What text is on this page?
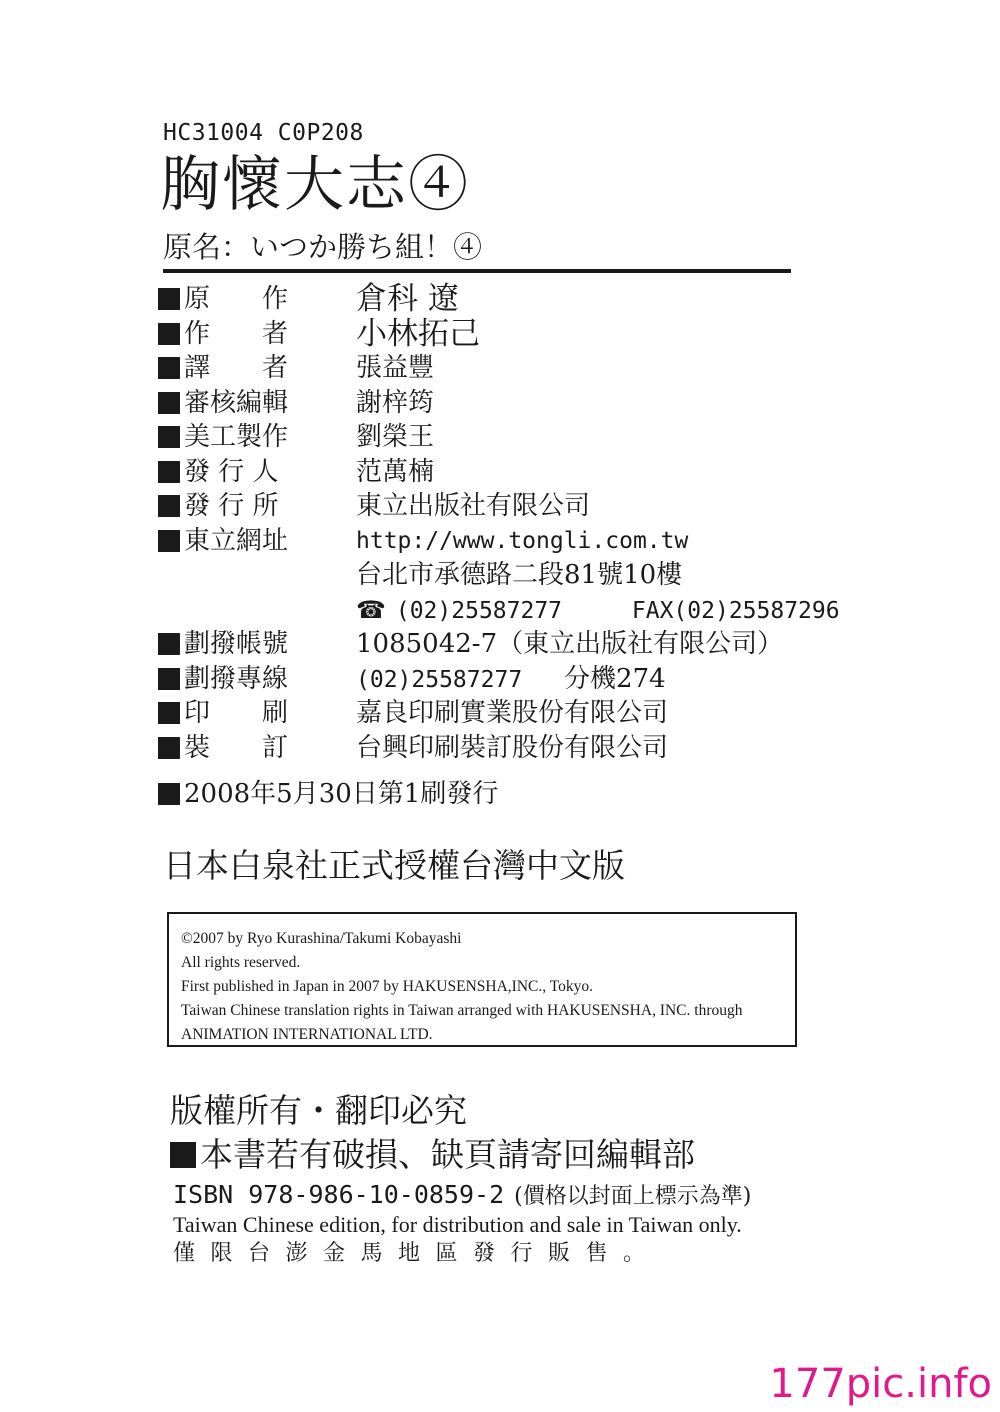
HC31004 C0P208
胸懷大志④
原名：いつか勝ち組！④
原　　作 倉科 遼
作　　者 小林拓己
譯　　者	張益豐
審核編輯	謝梓筠
美工製作	劉榮王
發 行 人	范萬楠
發 行 所	東立出版社有限公司
東立網址	http://www.tongli.com.tw
台北市承德路二段81號10樓
☎ (02)25587277	FAX(02)25587296
劃撥帳號	1085042-7（東立出版社有限公司）
劃撥專線	(02)25587277 分機274
印　　刷	嘉良印刷實業股份有限公司
裝　　訂	台興印刷裝訂股份有限公司
2008年5月30日第1刷發行
日本白泉社正式授權台灣中文版
©2007 by Ryo Kurashina/Takumi Kobayashi
All rights reserved.
First published in Japan in 2007 by HAKUSENSHA,INC., Tokyo.
Taiwan Chinese translation rights in Taiwan arranged with HAKUSENSHA, INC. through
ANIMATION INTERNATIONAL LTD.
版權所有・翻印必究
本書若有破損、缺頁請寄回編輯部
ISBN 978-986-10-0859-2 (價格以封面上標示為準)
Taiwan Chinese edition, for distribution and sale in Taiwan only.
僅限台澎金馬地區發行販售。
177pic.info
